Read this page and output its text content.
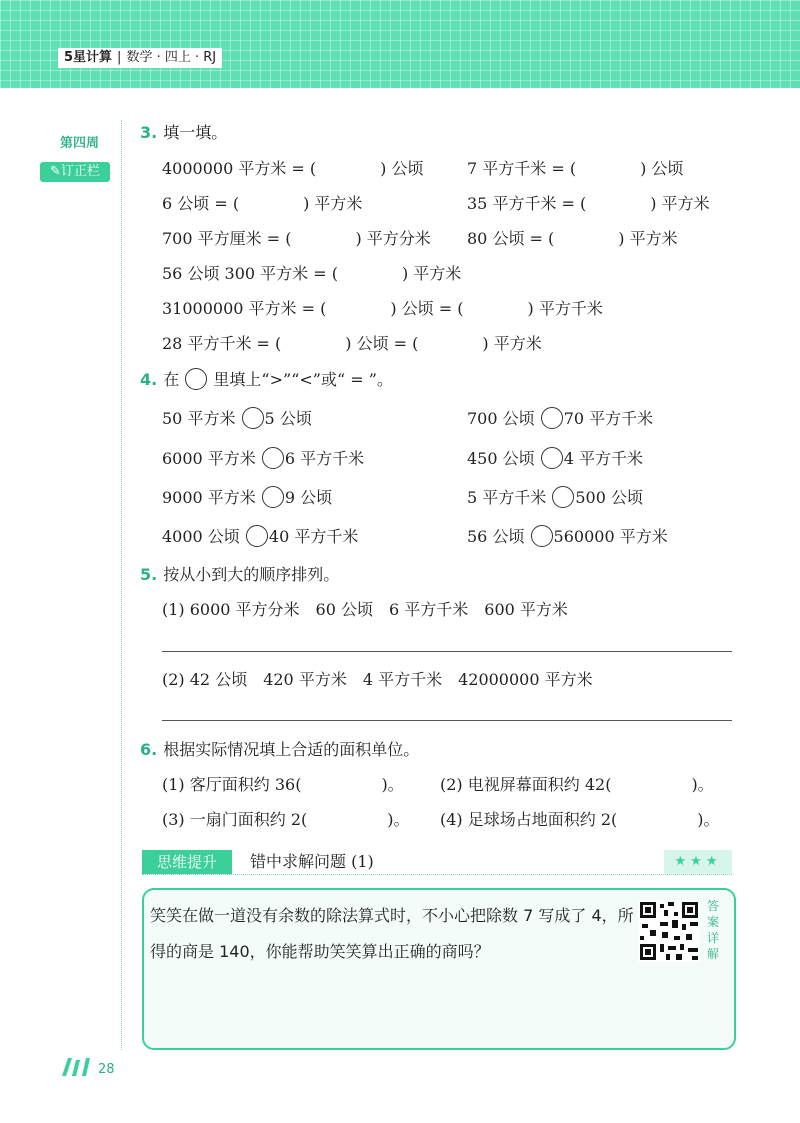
5星计算 | 数学 · 四上 · RJ
第四周
✎订正栏
3. 填一填。
4000000 平方米 = (　　　　) 公顷	7 平方千米 = (　　　　) 公顷
6 公顷 = (　　　　) 平方米	35 平方千米 = (　　　　) 平方米
700 平方厘米 = (　　　　) 平方分米 80 公顷 = (　　　　) 平方米
56 公顷 300 平方米 = (　　　　) 平方米
31000000 平方米 = (　　　　) 公顷 = (　　　　) 平方千米
28 平方千米 = (　　　　) 公顷 = (　　　　) 平方米
4. 在 里填上“>”“<”或“ = ”。
50 平方米 5 公顷	700 公顷 70 平方千米
6000 平方米 6 平方千米	450 公顷 4 平方千米
9000 平方米 9 公顷	5 平方千米 500 公顷
4000 公顷 40 平方千米	56 公顷 560000 平方米
5. 按从小到大的顺序排列。
(1) 6000 平方分米　60 公顷　6 平方千米　600 平方米
(2) 42 公顷　420 平方米　4 平方千米　42000000 平方米
6. 根据实际情况填上合适的面积单位。
(1) 客厅面积约 36(　　　　　)。 (2) 电视屏幕面积约 42(　　　　　)。
(3) 一扇门面积约 2(　　　　　)。 (4) 足球场占地面积约 2(　　　　　)。
思维提升	错中求解问题 (1)	★★★
笑笑在做一道没有余数的除法算式时，不小心把除数 7 写成了 4，所得的商是 140，你能帮助笑笑算出正确的商吗？
答案详解
28
